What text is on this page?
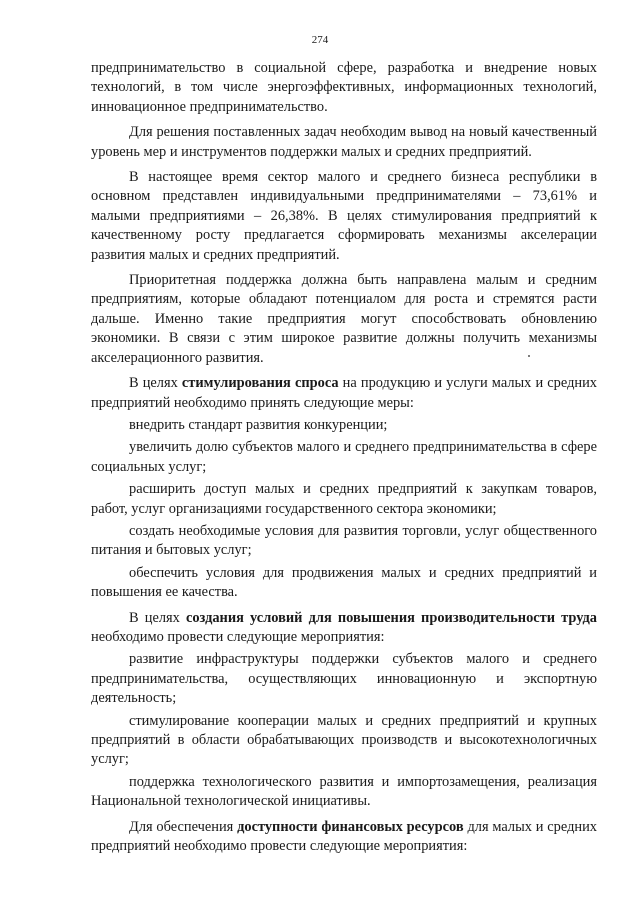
274

предпринимательство в социальной сфере, разработка и внедрение новых технологий, в том числе энергоэффективных, информационных технологий, инновационное предпринимательство.

Для решения поставленных задач необходим вывод на новый качественный уровень мер и инструментов поддержки малых и средних предприятий.

В настоящее время сектор малого и среднего бизнеса республики в основном представлен индивидуальными предпринимателями – 73,61% и малыми предприятиями – 26,38%. В целях стимулирования предприятий к качественному росту предлагается сформировать механизмы акселерации развития малых и средних предприятий.

Приоритетная поддержка должна быть направлена малым и средним предприятиям, которые обладают потенциалом для роста и стремятся расти дальше. Именно такие предприятия могут способствовать обновлению экономики. В связи с этим широкое развитие должны получить механизмы акселерационного развития.

В целях стимулирования спроса на продукцию и услуги малых и средних предприятий необходимо принять следующие меры:

внедрить стандарт развития конкуренции;

увеличить долю субъектов малого и среднего предпринимательства в сфере социальных услуг;

расширить доступ малых и средних предприятий к закупкам товаров, работ, услуг организациями государственного сектора экономики;

создать необходимые условия для развития торговли, услуг общественного питания и бытовых услуг;

обеспечить условия для продвижения малых и средних предприятий и повышения ее качества.

В целях создания условий для повышения производительности труда необходимо провести следующие мероприятия:

развитие инфраструктуры поддержки субъектов малого и среднего предпринимательства, осуществляющих инновационную и экспортную деятельность;

стимулирование кооперации малых и средних предприятий и крупных предприятий в области обрабатывающих производств и высокотехнологичных услуг;

поддержка технологического развития и импортозамещения, реализация Национальной технологической инициативы.

Для обеспечения доступности финансовых ресурсов для малых и средних предприятий необходимо провести следующие мероприятия:
